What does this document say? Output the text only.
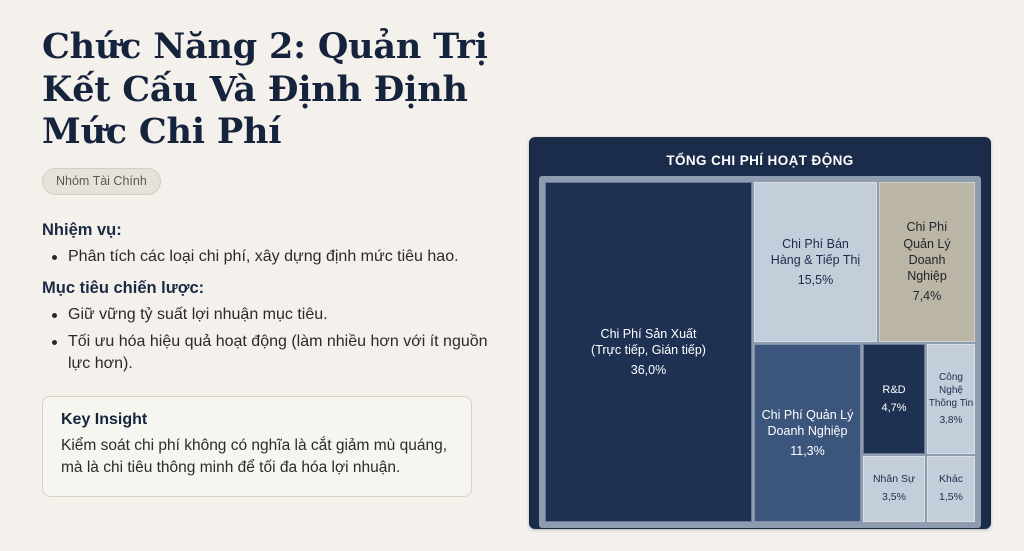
Chức Năng 2: Quản Trị Kết Cấu Và Định Định Mức Chi Phí
Nhóm Tài Chính
Nhiệm vụ:
Phân tích các loại chi phí, xây dựng định mức tiêu hao.
Mục tiêu chiến lược:
Giữ vững tỷ suất lợi nhuận mục tiêu.
Tối ưu hóa hiệu quả hoạt động (làm nhiều hơn với ít nguồn lực hơn).
Key Insight
Kiểm soát chi phí không có nghĩa là cắt giảm mù quáng, mà là chi tiêu thông minh để tối đa hóa lợi nhuận.
TỔNG CHI PHÍ HOẠT ĐỘNG
Chi Phí Sản Xuất
(Trực tiếp, Gián tiếp)
36,0%
Chi Phí Bán
Hàng & Tiếp Thị
15,5%
Chi Phí
Quản Lý
Doanh
Nghiệp
7,4%
Chi Phí Quản Lý
Doanh Nghiệp
11,3%
R&D
4,7%
Công Nghệ
Thông Tin
3,8%
Nhân Sự
3,5%
Khác
1,5%
